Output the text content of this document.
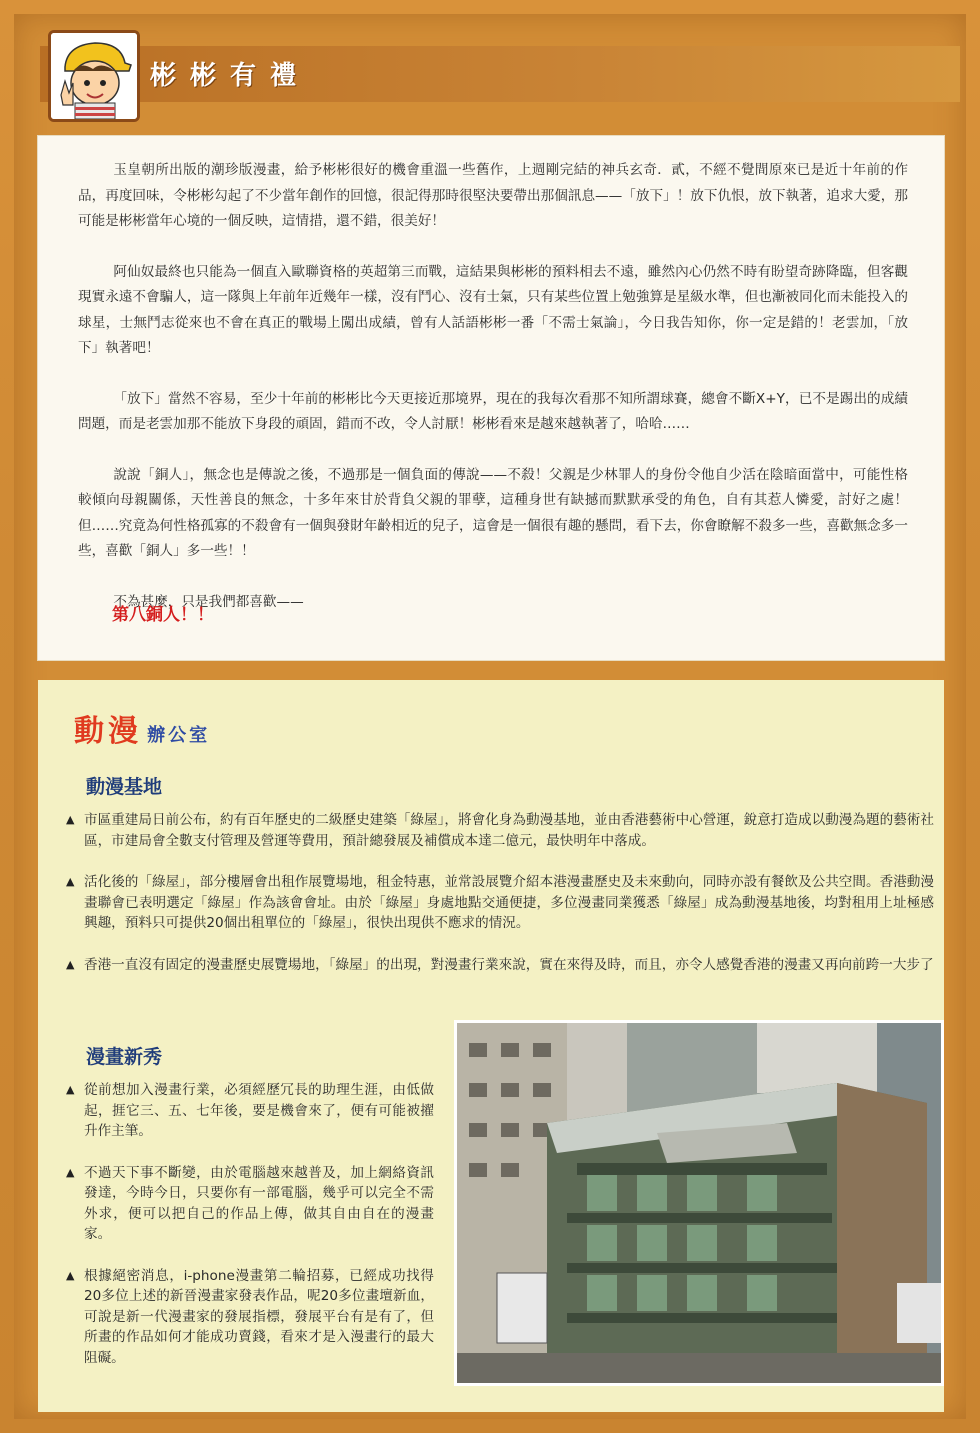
彬彬有禮

玉皇朝所出版的潮珍版漫畫，給予彬彬很好的機會重溫一些舊作，上週剛完結的神兵玄奇．貳，不經不覺間原來已是近十年前的作品，再度回味，令彬彬勾起了不少當年創作的回憶，很記得那時很堅決要帶出那個訊息——「放下」！放下仇恨，放下執著，追求大愛，那可能是彬彬當年心境的一個反映，這情措，還不錯，很美好！

阿仙奴最終也只能為一個直入歐聯資格的英超第三而戰，這結果與彬彬的預料相去不遠，雖然內心仍然不時有盼望奇跡降臨，但客觀現實永遠不會騙人，這一隊與上年前年近幾年一樣，沒有鬥心、沒有士氣，只有某些位置上勉強算是星級水準，但也漸被同化而未能投入的球星，士無鬥志從來也不會在真正的戰場上闖出成績，曾有人話語彬彬一番「不需士氣論」，今日我告知你，你一定是錯的！老雲加，「放下」執著吧！

「放下」當然不容易，至少十年前的彬彬比今天更接近那境界，現在的我每次看那不知所謂球賽，總會不斷X+Y，已不是踢出的成績問題，而是老雲加那不能放下身段的頑固，錯而不改，令人討厭！彬彬看來是越來越執著了，哈哈……

說說「銅人」，無念也是傳說之後，不過那是一個負面的傳說——不殺！父親是少林罪人的身份令他自少活在陰暗面當中，可能性格較傾向母親關係，天性善良的無念，十多年來甘於背負父親的罪孽，這種身世有缺撼而默默承受的角色，自有其惹人憐愛，討好之處！但……究竟為何性格孤寡的不殺會有一個與發財年齡相近的兒子，這會是一個很有趣的懸問，看下去，你會瞭解不殺多一些，喜歡無念多一些，喜歡「銅人」多一些！！

不為甚麼，只是我們都喜歡——

第八銅人！！
動漫 辦公室
動漫基地
▲ 市區重建局日前公布，約有百年歷史的二級歷史建築「綠屋」，將會化身為動漫基地，並由香港藝術中心營運，銳意打造成以動漫為題的藝術社區，市建局會全數支付管理及營運等費用，預計總發展及補償成本達二億元，最快明年中落成。
▲ 活化後的「綠屋」，部分樓層會出租作展覽場地，租金特惠，並常設展覽介紹本港漫畫歷史及未來動向，同時亦設有餐飲及公共空間。香港動漫畫聯會已表明選定「綠屋」作為該會會址。由於「綠屋」身處地點交通便捷，多位漫畫同業獲悉「綠屋」成為動漫基地後，均對租用上址極感興趣，預料只可提供20個出租單位的「綠屋」，很快出現供不應求的情況。
▲ 香港一直沒有固定的漫畫歷史展覽場地，「綠屋」的出現，對漫畫行業來說，實在來得及時，而且，亦令人感覺香港的漫畫又再向前跨一大步了
漫畫新秀
▲ 從前想加入漫畫行業，必須經歷冗長的助理生涯，由低做起，捱它三、五、七年後，要是機會來了，便有可能被擢升作主筆。
▲ 不過天下事不斷變，由於電腦越來越普及，加上網絡資訊發達，今時今日，只要你有一部電腦，幾乎可以完全不需外求，便可以把自己的作品上傳，做其自由自在的漫畫家。
▲ 根據絕密消息，i-phone漫畫第二輪招募，已經成功找得20多位上述的新晉漫畫家發表作品，呢20多位畫壇新血，可說是新一代漫畫家的發展指標，發展平台有是有了，但所畫的作品如何才能成功賣錢，看來才是入漫畫行的最大阻礙。
